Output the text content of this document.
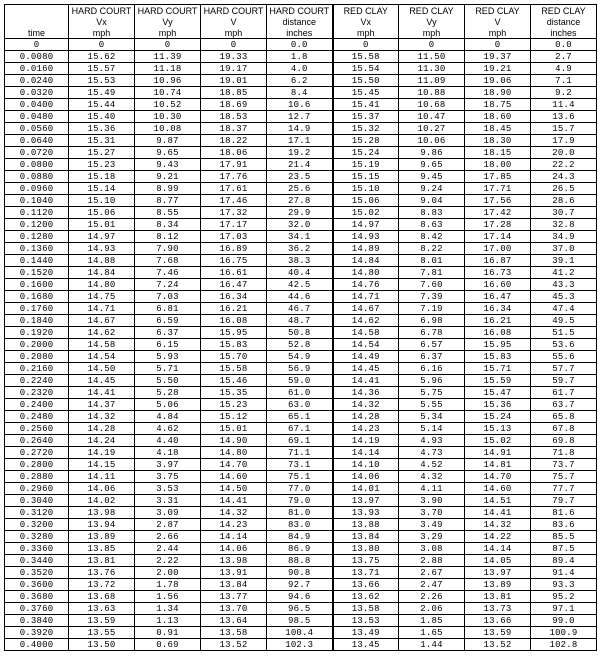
	HARD COURT	HARD COURT	HARD COURT	HARD COURT	RED CLAY	RED CLAY	RED CLAY	RED CLAY
	Vx	Vy	V	distance	Vx	Vy	V	distance
time	mph	mph	mph	inches	mph	mph	mph	inches
0	0	0	0	0.0	0	0	0	0.0
0.0080	15.62	11.39	19.33	1.8	15.58	11.50	19.37	2.7
0.0160	15.57	11.18	19.17	4.0	15.54	11.30	19.21	4.9
0.0240	15.53	10.96	19.01	6.2	15.50	11.09	19.06	7.1
0.0320	15.49	10.74	18.85	8.4	15.45	10.88	18.90	9.2
0.0400	15.44	10.52	18.69	10.6	15.41	10.68	18.75	11.4
0.0480	15.40	10.30	18.53	12.7	15.37	10.47	18.60	13.6
0.0560	15.36	10.08	18.37	14.9	15.32	10.27	18.45	15.7
0.0640	15.31	9.87	18.22	17.1	15.28	10.06	18.30	17.9
0.0720	15.27	9.65	18.06	19.2	15.24	9.86	18.15	20.0
0.0800	15.23	9.43	17.91	21.4	15.19	9.65	18.00	22.2
0.0880	15.18	9.21	17.76	23.5	15.15	9.45	17.85	24.3
0.0960	15.14	8.99	17.61	25.6	15.10	9.24	17.71	26.5
0.1040	15.10	8.77	17.46	27.8	15.06	9.04	17.56	28.6
0.1120	15.06	8.55	17.32	29.9	15.02	8.83	17.42	30.7
0.1200	15.01	8.34	17.17	32.0	14.97	8.63	17.28	32.8
0.1280	14.97	8.12	17.03	34.1	14.93	8.42	17.14	34.9
0.1360	14.93	7.90	16.89	36.2	14.89	8.22	17.00	37.0
0.1440	14.88	7.68	16.75	38.3	14.84	8.01	16.87	39.1
0.1520	14.84	7.46	16.61	40.4	14.80	7.81	16.73	41.2
0.1600	14.80	7.24	16.47	42.5	14.76	7.60	16.60	43.3
0.1680	14.75	7.03	16.34	44.6	14.71	7.39	16.47	45.3
0.1760	14.71	6.81	16.21	46.7	14.67	7.19	16.34	47.4
0.1840	14.67	6.59	16.08	48.7	14.62	6.98	16.21	49.5
0.1920	14.62	6.37	15.95	50.8	14.58	6.78	16.08	51.5
0.2000	14.58	6.15	15.83	52.8	14.54	6.57	15.95	53.6
0.2080	14.54	5.93	15.70	54.9	14.49	6.37	15.83	55.6
0.2160	14.50	5.71	15.58	56.9	14.45	6.16	15.71	57.7
0.2240	14.45	5.50	15.46	59.0	14.41	5.96	15.59	59.7
0.2320	14.41	5.28	15.35	61.0	14.36	5.75	15.47	61.7
0.2400	14.37	5.06	15.23	63.0	14.32	5.55	15.36	63.7
0.2480	14.32	4.84	15.12	65.1	14.28	5.34	15.24	65.8
0.2560	14.28	4.62	15.01	67.1	14.23	5.14	15.13	67.8
0.2640	14.24	4.40	14.90	69.1	14.19	4.93	15.02	69.8
0.2720	14.19	4.18	14.80	71.1	14.14	4.73	14.91	71.8
0.2800	14.15	3.97	14.70	73.1	14.10	4.52	14.81	73.7
0.2880	14.11	3.75	14.60	75.1	14.06	4.32	14.70	75.7
0.2960	14.06	3.53	14.50	77.0	14.01	4.11	14.60	77.7
0.3040	14.02	3.31	14.41	79.0	13.97	3.90	14.51	79.7
0.3120	13.98	3.09	14.32	81.0	13.93	3.70	14.41	81.6
0.3200	13.94	2.87	14.23	83.0	13.88	3.49	14.32	83.6
0.3280	13.89	2.66	14.14	84.9	13.84	3.29	14.22	85.5
0.3360	13.85	2.44	14.06	86.9	13.80	3.08	14.14	87.5
0.3440	13.81	2.22	13.98	88.8	13.75	2.88	14.05	89.4
0.3520	13.76	2.00	13.91	90.8	13.71	2.67	13.97	91.4
0.3600	13.72	1.78	13.84	92.7	13.66	2.47	13.89	93.3
0.3680	13.68	1.56	13.77	94.6	13.62	2.26	13.81	95.2
0.3760	13.63	1.34	13.70	96.5	13.58	2.06	13.73	97.1
0.3840	13.59	1.13	13.64	98.5	13.53	1.85	13.66	99.0
0.3920	13.55	0.91	13.58	100.4	13.49	1.65	13.59	100.9
0.4000	13.50	0.69	13.52	102.3	13.45	1.44	13.52	102.8
